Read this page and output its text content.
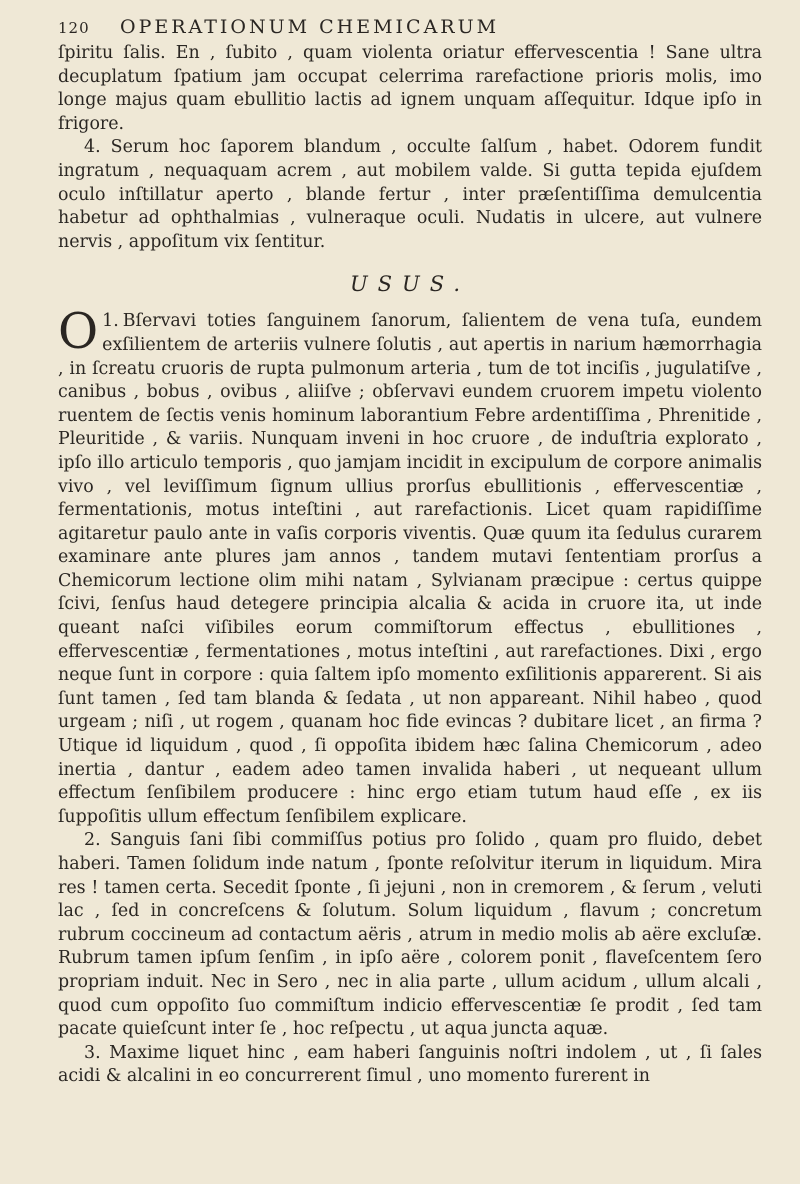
120	OPERATIONUM CHEMICARUM

ſpiritu ſalis. En , ſubito , quam violenta oriatur effervescentia ! Sane ultra decuplatum ſpatium jam occupat celerrima rarefactione prioris molis, imo longe majus quam ebullitio lactis ad ignem unquam aſſequitur. Idque ipſo in frigore.

4. Serum hoc ſaporem blandum , occulte ſalſum , habet. Odorem fundit ingratum , nequaquam acrem , aut mobilem valde. Si gutta tepida ejuſdem oculo inſtillatur aperto , blande fertur , inter præſentiſſima demulcentia habetur ad ophthalmias , vulneraque oculi. Nudatis in ulcere, aut vulnere nervis , appoſitum vix ſentitur.

USUS.

1.
O Bſervavi toties ſanguinem ſanorum, ſalientem de vena tuſa, eundem exſilientem de arteriis vulnere ſolutis , aut apertis in narium hæmorrhagia , in ſcreatu cruoris de rupta pulmonum arteria , tum de tot inciſis , jugulatiſve , canibus , bobus , ovibus , aliiſve ; obſervavi eundem cruorem impetu violento ruentem de ſectis venis hominum laborantium Febre ardentiſſima , Phrenitide , Pleuritide , & variis. Nunquam inveni in hoc cruore , de induſtria explorato , ipſo illo articulo temporis , quo jamjam incidit in excipulum de corpore animalis vivo , vel leviſſimum ſignum ullius prorſus ebullitionis , effervescentiæ , fermentationis, motus inteſtini , aut rarefactionis. Licet quam rapidiſſime agitaretur paulo ante in vaſis corporis viventis. Quæ quum ita ſedulus curarem examinare ante plures jam annos , tandem mutavi ſententiam prorſus a Chemicorum lectione olim mihi natam , Sylvianam præcipue : certus quippe ſcivi, ſenſus haud detegere principia alcalia & acida in cruore ita, ut inde queant naſci viſibiles eorum commiſtorum effectus , ebullitiones , effervescentiæ , fermentationes , motus inteſtini , aut rarefactiones. Dixi , ergo neque ſunt in corpore : quia ſaltem ipſo momento exſilitionis apparerent. Si ais ſunt tamen , ſed tam blanda & ſedata , ut non appareant. Nihil habeo , quod urgeam ; niſi , ut rogem , quanam hoc fide evincas ? dubitare licet , an firma ? Utique id liquidum , quod , ſi oppoſita ibidem hæc ſalina Chemicorum , adeo inertia , dantur , eadem adeo tamen invalida haberi , ut nequeant ullum effectum ſenſibilem producere : hinc ergo etiam tutum haud eſſe , ex iis ſuppoſitis ullum effectum ſenſibilem explicare.

2. Sanguis ſani ſibi commiſſus potius pro ſolido , quam pro fluido, debet haberi. Tamen ſolidum inde natum , ſponte reſolvitur iterum in liquidum. Mira res ! tamen certa. Secedit ſponte , ſi jejuni , non in cremorem , & ſerum , veluti lac , ſed in concreſcens & ſolutum. Solum liquidum , flavum ; concretum rubrum coccineum ad contactum aëris , atrum in medio molis ab aëre excluſæ. Rubrum tamen ipſum ſenſim , in ipſo aëre , colorem ponit , flaveſcentem ſero propriam induit. Nec in Sero , nec in alia parte , ullum acidum , ullum alcali , quod cum oppoſito ſuo commiſtum indicio effervescentiæ ſe prodit , ſed tam pacate quieſcunt inter ſe , hoc reſpectu , ut aqua juncta aquæ.

3. Maxime liquet hinc , eam haberi ſanguinis noſtri indolem , ut , ſi ſales acidi & alcalini in eo concurrerent ſimul , uno momento furerent in
